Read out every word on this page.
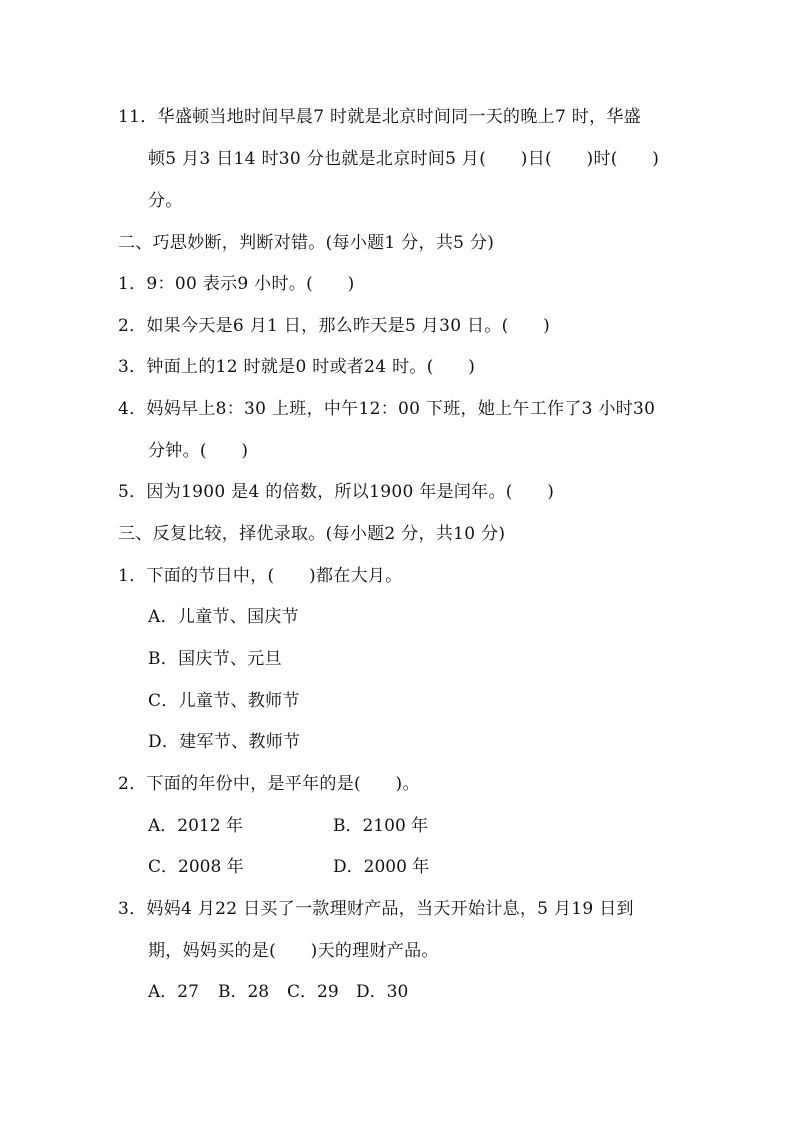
11．华盛顿当地时间早晨7 时就是北京时间同一天的晚上7 时，华盛
顿5 月3 日14 时30 分也就是北京时间5 月(　　)日(　　)时(　　)
分。
二、巧思妙断，判断对错。(每小题1 分，共5 分)
1．9：00 表示9 小时。(　　)
2．如果今天是6 月1 日，那么昨天是5 月30 日。(　　)
3．钟面上的12 时就是0 时或者24 时。(　　)
4．妈妈早上8：30 上班，中午12：00 下班，她上午工作了3 小时30
分钟。(　　)
5．因为1900 是4 的倍数，所以1900 年是闰年。(　　)
三、反复比较，择优录取。(每小题2 分，共10 分)
1．下面的节日中，(　　)都在大月。
A．儿童节、国庆节
B．国庆节、元旦
C．儿童节、教师节
D．建军节、教师节
2．下面的年份中，是平年的是(　　)。
A．2012 年	B．2100 年
C．2008 年	D．2000 年
3．妈妈4 月22 日买了一款理财产品，当天开始计息，5 月19 日到
期，妈妈买的是(　　)天的理财产品。
A．27 B．28 C．29 D．30
